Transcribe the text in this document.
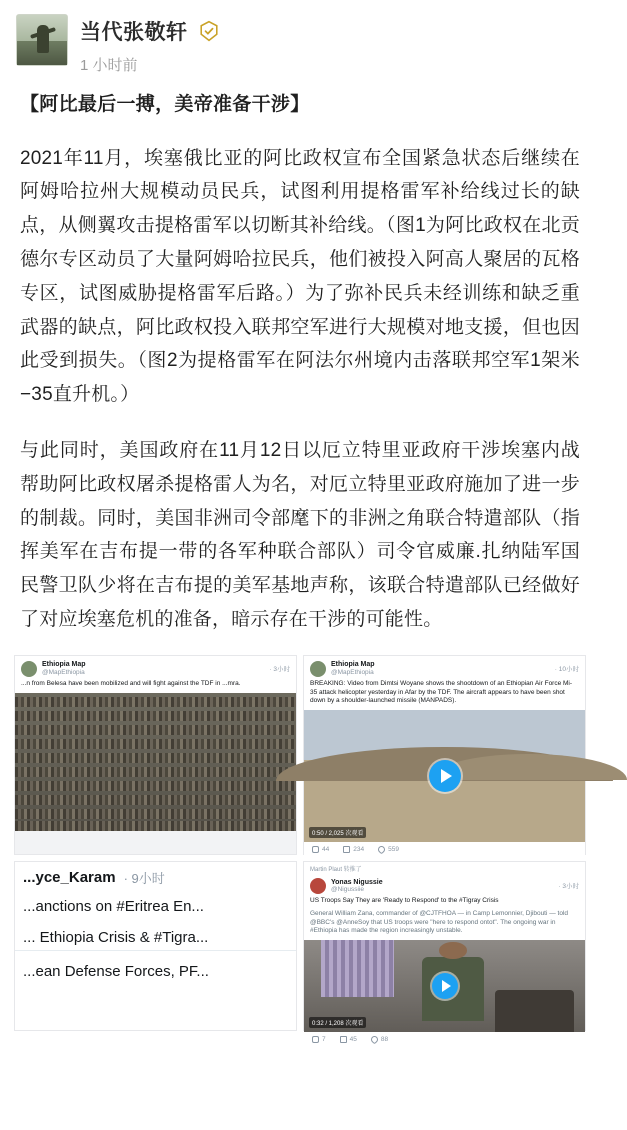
当代张敬轩
1 小时前
【阿比最后一搏，美帝准备干涉】
2021年11月，埃塞俄比亚的阿比政权宣布全国紧急状态后继续在阿姆哈拉州大规模动员民兵，试图利用提格雷军补给线过长的缺点，从侧翼攻击提格雷军以切断其补给线。（图1为阿比政权在北贡德尔专区动员了大量阿姆哈拉民兵，他们被投入阿高人聚居的瓦格专区，试图威胁提格雷军后路。）为了弥补民兵未经训练和缺乏重武器的缺点，阿比政权投入联邦空军进行大规模对地支援，但也因此受到损失。（图2为提格雷军在阿法尔州境内击落联邦空军1架米−35直升机。）
与此同时，美国政府在11月12日以厄立特里亚政府干涉埃塞内战帮助阿比政权屠杀提格雷人为名，对厄立特里亚政府施加了进一步的制裁。同时，美国非洲司令部麾下的非洲之角联合特遣部队（指挥美军在吉布提一带的各军种联合部队）司令官威廉.扎纳陆军国民警卫队少将在吉布提的美军基地声称，该联合特遣部队已经做好了对应埃塞危机的准备，暗示存在干涉的可能性。
Ethiopia Map
@MapEthiopia	· 3小时
...n from Belesa have been mobilized and will fight against the TDF in ...mra.
Ethiopia Map
@MapEthiopia	· 10小时
BREAKING: Video from Dimtsi Woyane shows the shootdown of an Ethiopian Air Force Mi-35 attack helicopter yesterday in Afar by the TDF. The aircraft appears to have been shot down by a shoulder-launched missile (MANPADS).
0:50 / 2,025 次观看
44	234	559
...yce_Karam · 9小时
...anctions on #Eritrea En...
... Ethiopia Crisis & #Tigra...
...ean Defense Forces, PF...
Martin Plaut 转推了
Yonas Nigussie
@Nigussiie	· 3小时
US Troops Say They are 'Ready to Respond' to the #Tigray Crisis
General William Zana, commander of @CJTFHOA — in Camp Lemonnier, Djibouti — told @BBC's @AnneSoy that US troops were "here to respond ontot". The ongoing war in #Ethiopia has made the region increasingly unstable.
0:32 / 1,208 次观看
7	45	88
